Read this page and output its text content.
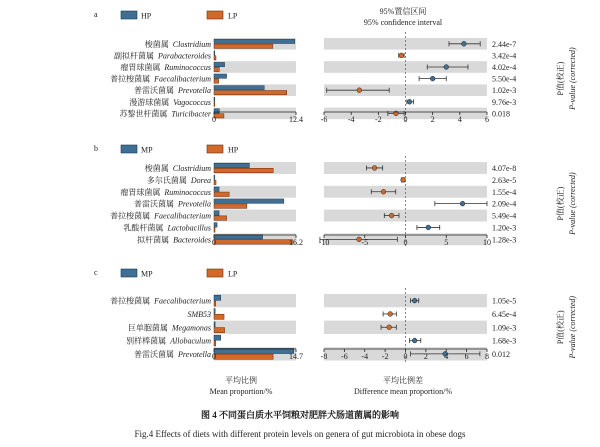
a	HP	LP	95%置信区间
95% confidence interval
P值(校正) P-value (corrected)
Clostridium
梭菌属	2.44e-7
Parabacteroides
副拟杆菌属	3.42e-4
Ruminococcus
瘤胃球菌属	4.02e-4
Faecalibacterium
普拉梭菌属	5.50e-4
Prevotella
普雷沃菌属	1.02e-3
Vagococcus
漫游球菌属	9.76e-3
Turicibacter
苏黎世杆菌属	0.018
0	12.4 -6	-4	-2	0	2	4	6
b	MP	HP
P值(校正) P-value (corrected)
Clostridium
梭菌属	4.07e-8
Dorea
多尔氏菌属	2.63e-5
Ruminococcus
瘤胃球菌属	1.55e-4
Prevotella
普雷沃菌属	2.09e-4
Faecalibacterium
普拉梭菌属	5.49e-4
Lactobacillus
乳酸杆菌属	1.20e-3
Bacteroides
拟杆菌属	1.28e-3
0	16.2 -10	-5	0	5	10
c	MP	LP
P值(校正) P-value (corrected)
Faecalibacterium
普拉梭菌属	1.05e-5
SMB53	6.45e-4
Megamonas
巨单胞菌属	1.09e-3
Allobaculum
别样棒菌属	1.68e-3
Prevotella
普雷沃菌属	0.012
0	14.7 -8 -6 -4 -2 0 2 4 6 8
平均比例
Mean proportion/%
平均比例差
Difference mean proportion/%
图 4 不同蛋白质水平饲粮对肥胖犬肠道菌属的影响
Fig.4 Effects of diets with different protein levels on genera of gut microbiota in obese dogs
